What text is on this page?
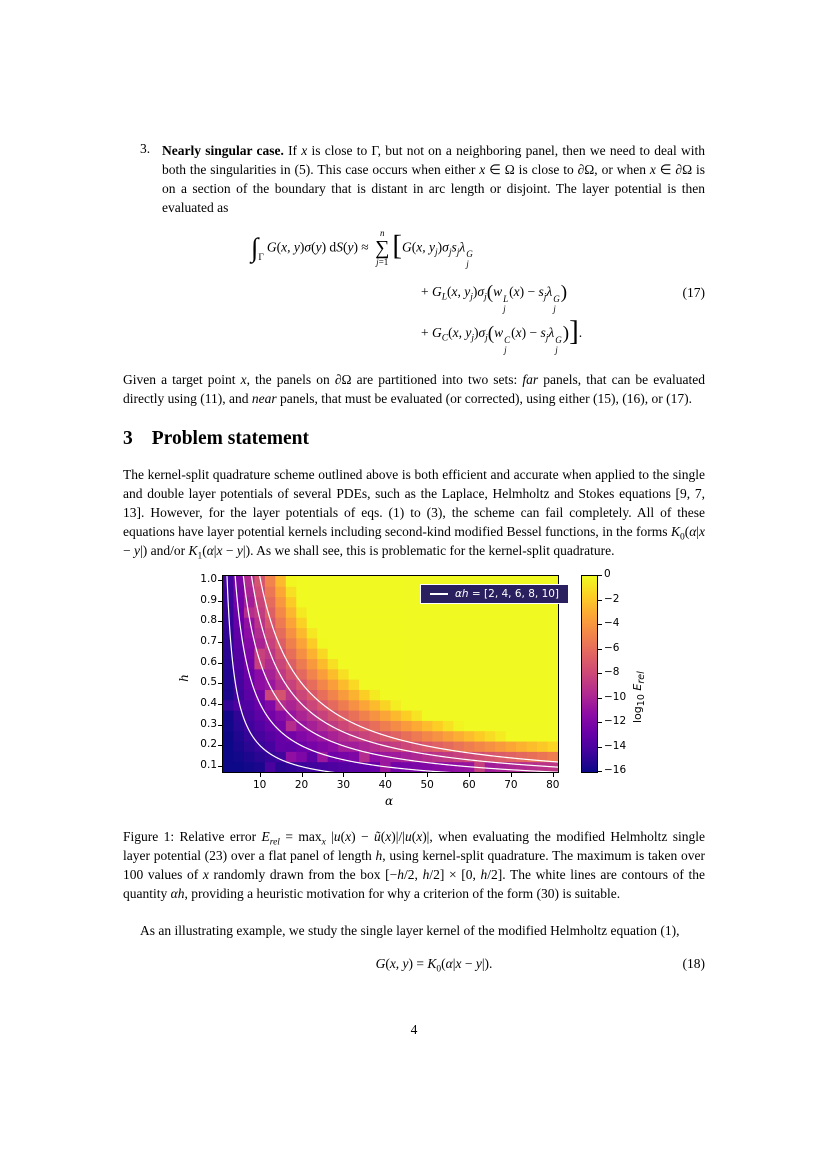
3. Nearly singular case. If x is close to Γ, but not on a neighboring panel, then we need to deal with both the singularities in (5). This case occurs when either x ∈ Ω is close to ∂Ω, or when x ∈ ∂Ω is on a section of the boundary that is distant in arc length or disjoint. The layer potential is then evaluated as

$\int_\Gamma G(x$, y)σ(y) dS(y) ≈
n
∑
j=1
[G(x, $y_j)\sigma_js_j\lambda$ G
j
+ $G_L(x$, $y_j)\sigma_j(w$ L
j
$(x) - s_j\lambda$ G
j
)
+ $G_C(x$, $y_j)\sigma_j(w$ C
j
$(x) - s_j\lambda$ G
j
)].
(17)

Given a target point x, the panels on ∂Ω are partitioned into two sets: far panels, that can be evaluated directly using (11), and near panels, that must be evaluated (or corrected), using either (15), (16), or (17).

3 Problem statement

The kernel-split quadrature scheme outlined above is both efficient and accurate when applied to the single and double layer potentials of several PDEs, such as the Laplace, Helmholtz and Stokes equations [9, 7, 13]. However, for the layer potentials of eqs. (1) to (3), the scheme can fail completely. All of these equations have layer potential kernels including second-kind modified Bessel functions, in the forms $K_0(\alpha|x - y|)$ and/or $K_1(\alpha|x - y|)$. As we shall see, this is problematic for the kernel-split quadrature.

h
αh = [2, 4, 6, 8, 10]
α
$\log_{10} E_{rel}$
0.1
0.2
0.3
0.4
0.5
0.6
0.7
0.8
0.9
1.0
10	20	30	40	50	60	70	80
0
−2
−4
−6
−8
−10
−12
−14
−16

Figure 1: Relative error $E_{rel} = \max_x |u(x)$ − ũ(x)|/|u(x)|, when evaluating the modified Helmholtz single layer potential (23) over a flat panel of length h, using kernel-split quadrature. The maximum is taken over 100 values of x randomly drawn from the box [−h/2, h/2] × [0, h/2]. The white lines are contours of the quantity αh, providing a heuristic motivation for why a criterion of the form (30) is suitable.

As an illustrating example, we study the single layer kernel of the modified Helmholtz equation (1),

G(x, $y) = K_0(\alpha|x - y|)$.	(18)
4
